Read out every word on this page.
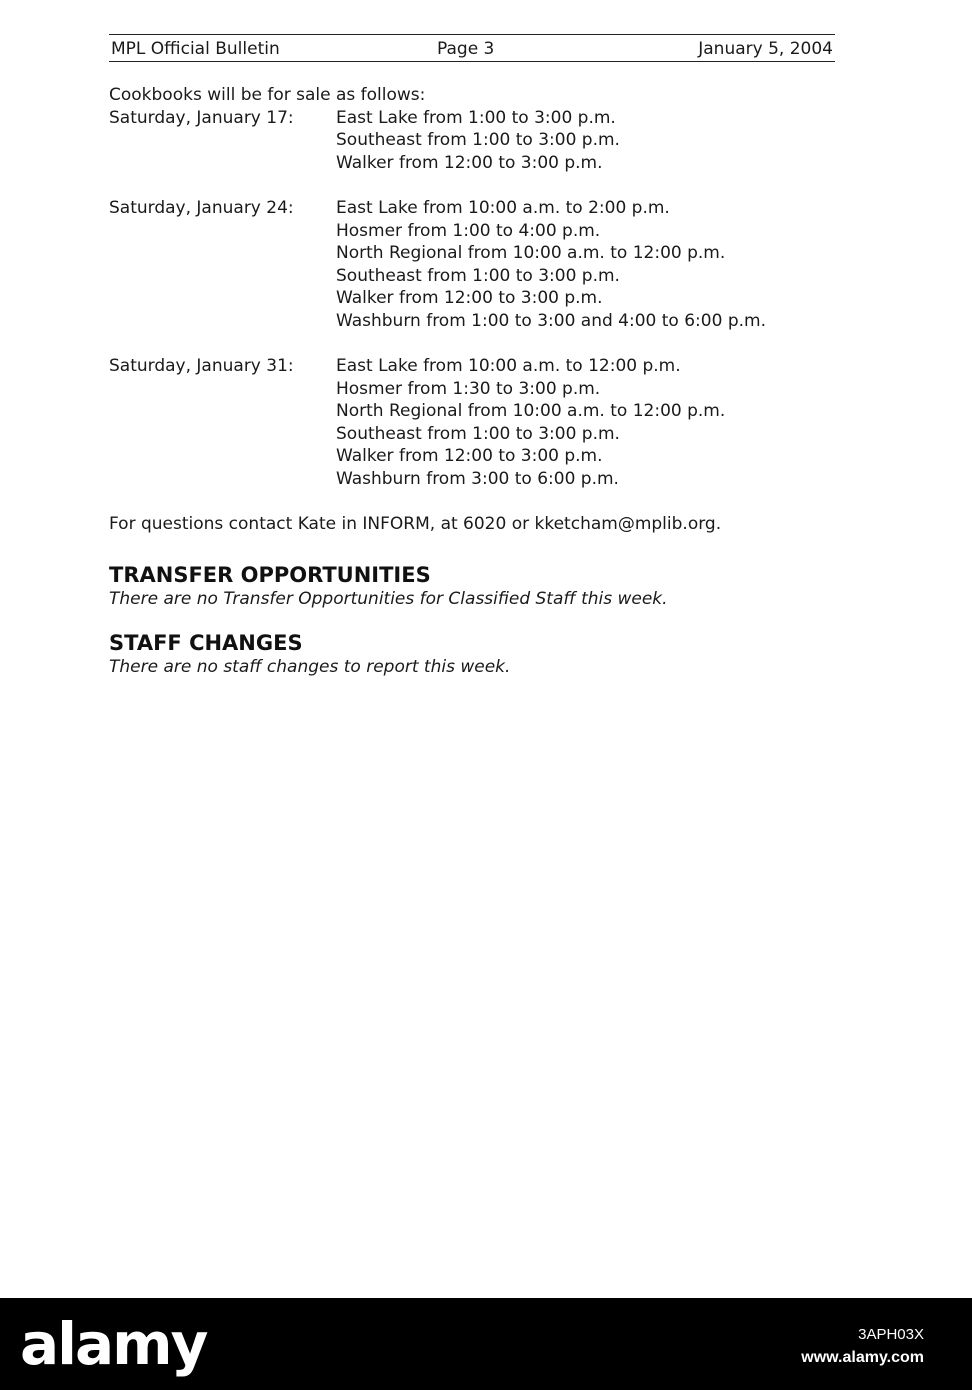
MPL Official Bulletin	Page 3	January 5, 2004

Cookbooks will be for sale as follows:

Saturday, January 17:	East Lake from 1:00 to 3:00 p.m.
Southeast from 1:00 to 3:00 p.m.
Walker from 12:00 to 3:00 p.m.
Saturday, January 24:	East Lake from 10:00 a.m. to 2:00 p.m.
Hosmer from 1:00 to 4:00 p.m.
North Regional from 10:00 a.m. to 12:00 p.m.
Southeast from 1:00 to 3:00 p.m.
Walker from 12:00 to 3:00 p.m.
Washburn from 1:00 to 3:00 and 4:00 to 6:00 p.m.
Saturday, January 31:	East Lake from 10:00 a.m. to 12:00 p.m.
Hosmer from 1:30 to 3:00 p.m.
North Regional from 10:00 a.m. to 12:00 p.m.
Southeast from 1:00 to 3:00 p.m.
Walker from 12:00 to 3:00 p.m.
Washburn from 3:00 to 6:00 p.m.

For questions contact Kate in INFORM, at 6020 or kketcham@mplib.org.

TRANSFER OPPORTUNITIES

There are no Transfer Opportunities for Classified Staff this week.

STAFF CHANGES

There are no staff changes to report this week.

alamy	3APH03X
www.alamy.com
